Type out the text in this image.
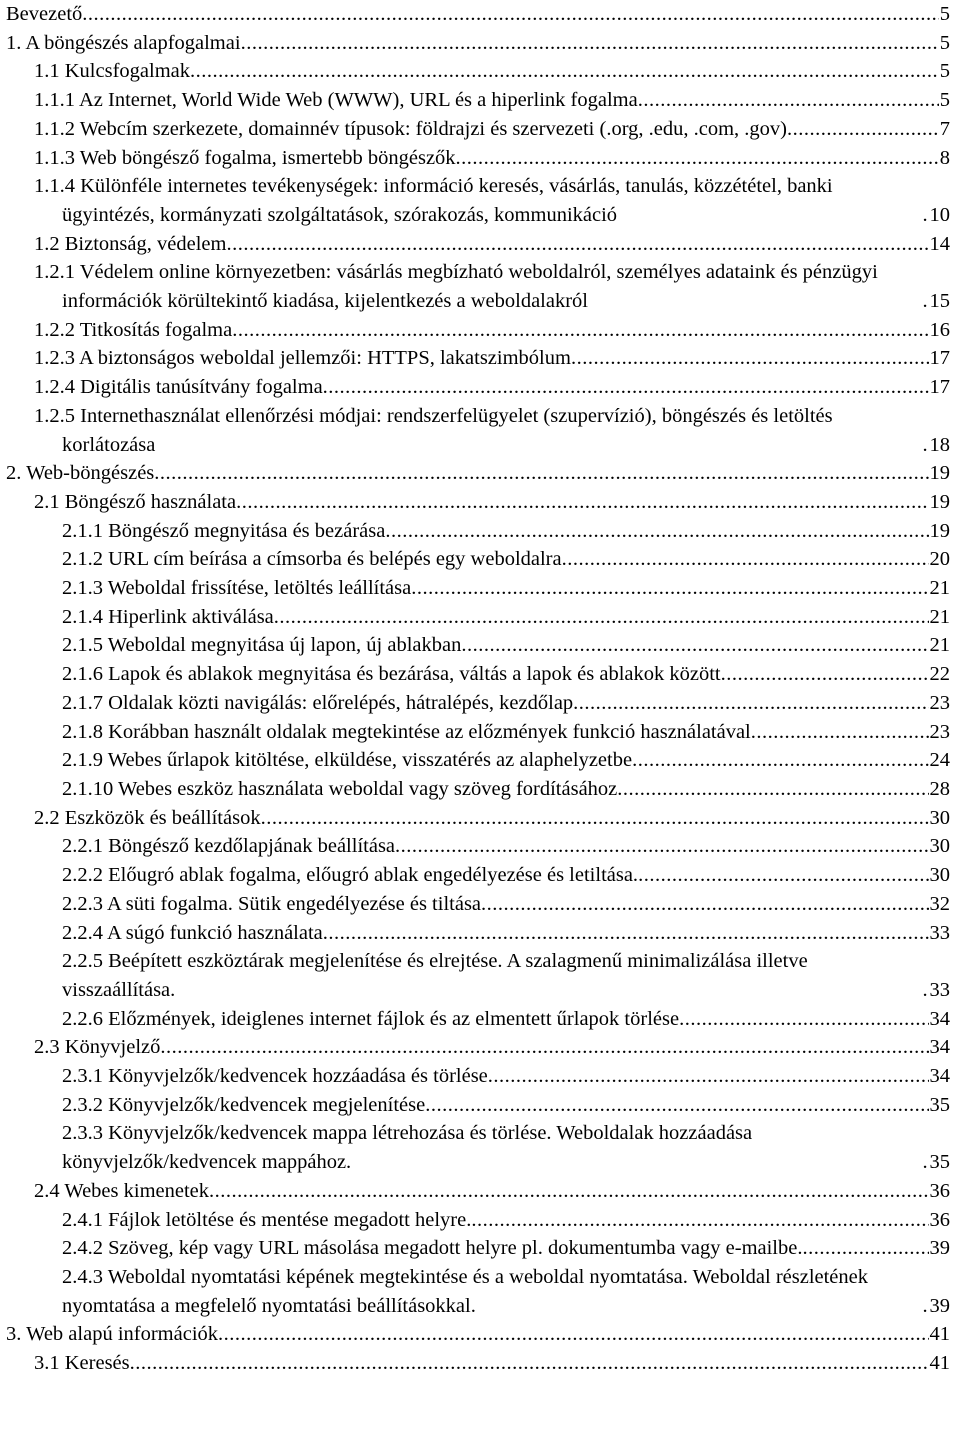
Bevezető .....	5
1. A böngészés alapfogalmai .....	5
1.1 Kulcsfogalmak .....	5
1.1.1 Az Internet, World Wide Web (WWW), URL és a hiperlink fogalma .....	5
1.1.2 Webcím szerkezete, domainnév típusok: földrajzi és szervezeti (.org, .edu, .com, .gov) .....	7
1.1.3 Web böngésző fogalma, ismertebb böngészők .....	8
1.1.4 Különféle internetes tevékenységek: információ keresés, vásárlás, tanulás, közzététel, banki ügyintézés, kormányzati szolgáltatások, szórakozás, kommunikáció .....	10
1.2 Biztonság, védelem .....	14
1.2.1 Védelem online környezetben: vásárlás megbízható weboldalról, személyes adataink és pénzügyi információk körültekintő kiadása, kijelentkezés a weboldalakról .....	15
1.2.2 Titkosítás fogalma .....	16
1.2.3 A biztonságos weboldal jellemzői: HTTPS, lakatszimbólum .....	17
1.2.4 Digitális tanúsítvány fogalma .....	17
1.2.5 Internethasználat ellenőrzési módjai: rendszerfelügyelet (szupervízió), böngészés és letöltés korlátozása .....	18
2. Web-böngészés .....	19
2.1 Böngésző használata .....	19
2.1.1 Böngésző megnyitása és bezárása .....	19
2.1.2 URL cím beírása a címsorba és belépés egy weboldalra .....	20
2.1.3 Weboldal frissítése, letöltés leállítása .....	21
2.1.4 Hiperlink aktiválása .....	21
2.1.5 Weboldal megnyitása új lapon, új ablakban .....	21
2.1.6 Lapok és ablakok megnyitása és bezárása, váltás a lapok és ablakok között .....	22
2.1.7 Oldalak közti navigálás: előrelépés, hátralépés, kezdőlap .....	23
2.1.8 Korábban használt oldalak megtekintése az előzmények funkció használatával .....	23
2.1.9 Webes űrlapok kitöltése, elküldése, visszatérés az alaphelyzetbe .....	24
2.1.10 Webes eszköz használata weboldal vagy szöveg fordításához .....	28
2.2 Eszközök és beállítások .....	30
2.2.1 Böngésző kezdőlapjának beállítása .....	30
2.2.2 Előugró ablak fogalma, előugró ablak engedélyezése és letiltása. .....	30
2.2.3 A süti fogalma. Sütik engedélyezése és tiltása .....	32
2.2.4 A súgó funkció használata .....	33
2.2.5 Beépített eszköztárak megjelenítése és elrejtése. A szalagmenű minimalizálása illetve visszaállítása. .....	33
2.2.6 Előzmények, ideiglenes internet fájlok és az elmentett űrlapok törlése .....	34
2.3 Könyvjelző .....	34
2.3.1 Könyvjelzők/kedvencek hozzáadása és törlése .....	34
2.3.2 Könyvjelzők/kedvencek megjelenítése .....	35
2.3.3 Könyvjelzők/kedvencek mappa létrehozása és törlése. Weboldalak hozzáadása könyvjelzők/kedvencek mappához. .....	35
2.4 Webes kimenetek .....	36
2.4.1 Fájlok letöltése és mentése megadott helyre. .....	36
2.4.2 Szöveg, kép vagy URL másolása megadott helyre pl. dokumentumba vagy e-mailbe. .....	39
2.4.3 Weboldal nyomtatási képének megtekintése és a weboldal nyomtatása. Weboldal részletének nyomtatása a megfelelő nyomtatási beállításokkal. .....	39
3. Web alapú információk .....	41
3.1 Keresés .....	41
